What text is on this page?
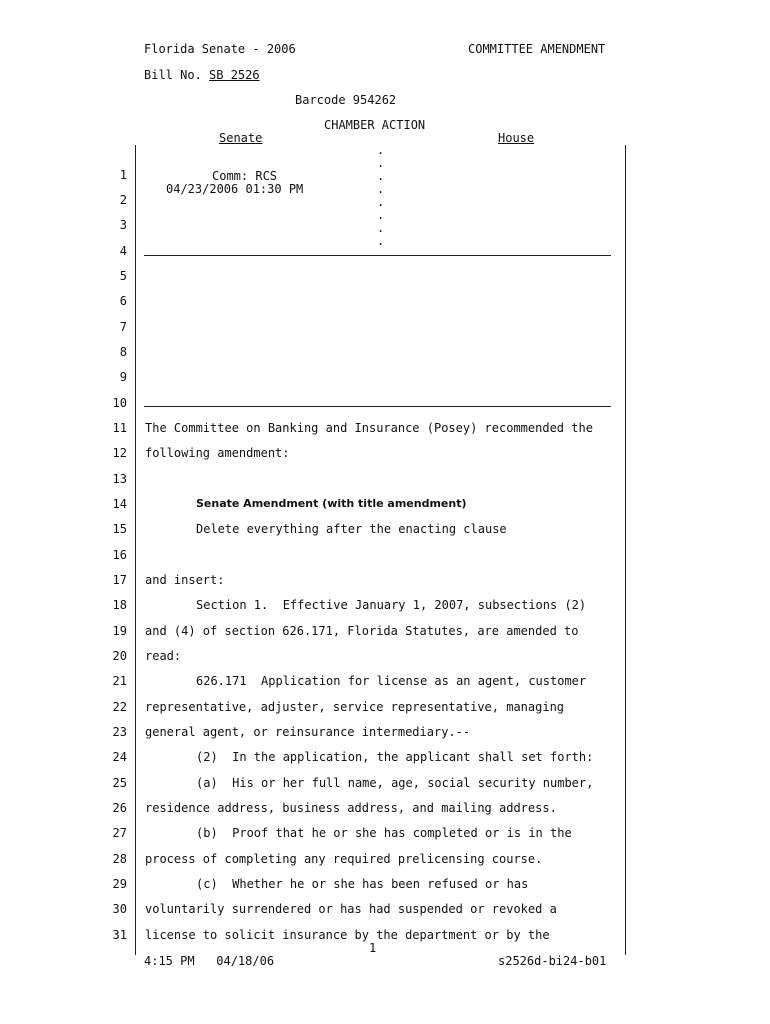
Florida Senate - 2006	COMMITTEE AMENDMENT
Bill No. SB 2526
Barcode 954262
CHAMBER ACTION
Senate	House
Comm: RCS
04/23/2006 01:30 PM
.
.
.
.
.
.
.
.
1
2
3
4
5
6
7
8
9
10
11
12
13
14
15
16
17
18
19
20
21
22
23
24
25
26
27
28
29
30
31
The Committee on Banking and Insurance (Posey) recommended the
following amendment:
Senate Amendment (with title amendment)
Delete everything after the enacting clause
and insert:
Section 1.  Effective January 1, 2007, subsections (2)
and (4) of section 626.171, Florida Statutes, are amended to
read:
626.171  Application for license as an agent, customer
representative, adjuster, service representative, managing
general agent, or reinsurance intermediary.--
(2)  In the application, the applicant shall set forth:
(a)  His or her full name, age, social security number,
residence address, business address, and mailing address.
(b)  Proof that he or she has completed or is in the
process of completing any required prelicensing course.
(c)  Whether he or she has been refused or has
voluntarily surrendered or has had suspended or revoked a
license to solicit insurance by the department or by the
1
4:15 PM   04/18/06	s2526d-bi24-b01
